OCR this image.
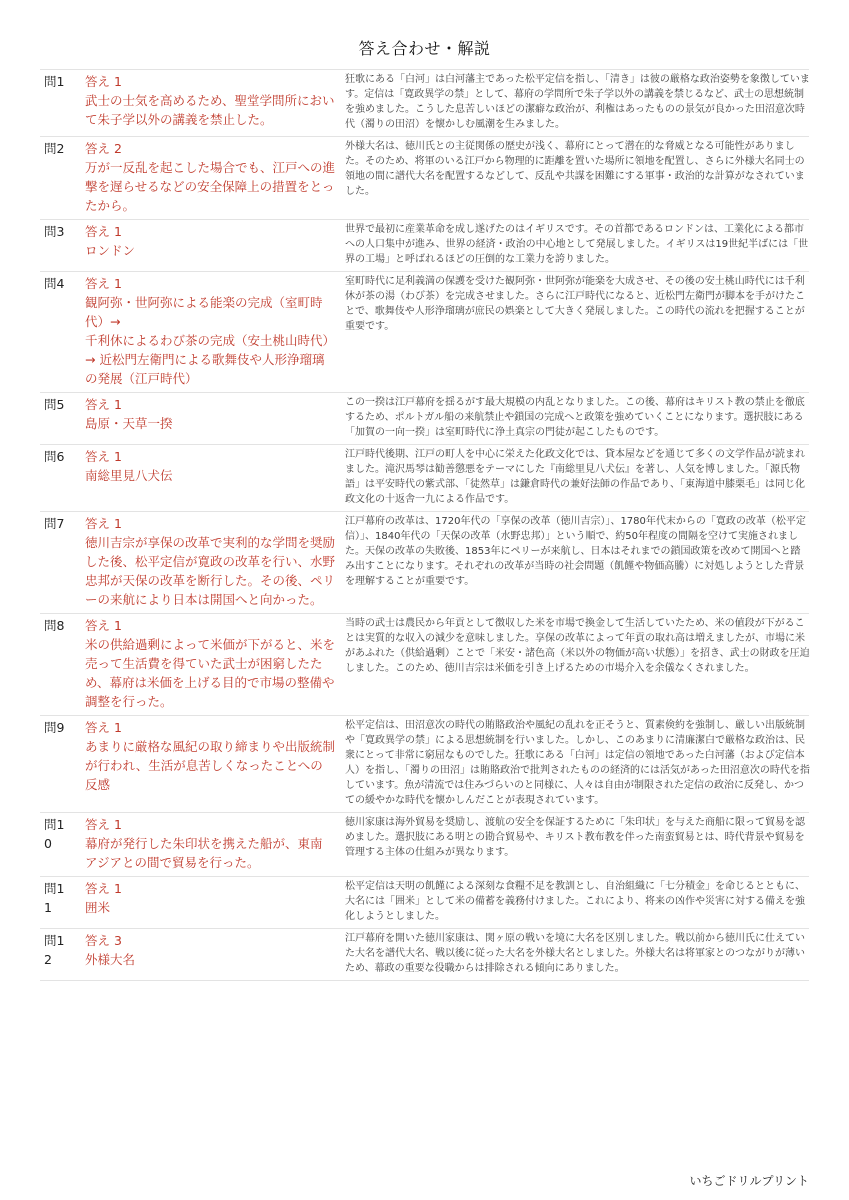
答え合わせ・解説
問1 答え 1
武士の士気を高めるため、聖堂学問所において朱子学以外の講義を禁止した。
狂歌にある「白河」は白河藩主であった松平定信を指し、「清き」は彼の厳格な政治姿勢を象徴しています。定信は「寛政異学の禁」として、幕府の学問所で朱子学以外の講義を禁じるなど、武士の思想統制を強めました。こうした息苦しいほどの潔癖な政治が、利権はあったものの景気が良かった田沼意次時代（濁りの田沼）を懐かしむ風潮を生みました。
問2 答え 2
万が一反乱を起こした場合でも、江戸への進撃を遅らせるなどの安全保障上の措置をとったから。
外様大名は、徳川氏との主従関係の歴史が浅く、幕府にとって潜在的な脅威となる可能性がありました。そのため、将軍のいる江戸から物理的に距離を置いた場所に領地を配置し、さらに外様大名同士の領地の間に譜代大名を配置するなどして、反乱や共謀を困難にする軍事・政治的な計算がなされていました。
問3 答え 1
ロンドン
世界で最初に産業革命を成し遂げたのはイギリスです。その首都であるロンドンは、工業化による都市への人口集中が進み、世界の経済・政治の中心地として発展しました。イギリスは19世紀半ばには「世界の工場」と呼ばれるほどの圧倒的な工業力を誇りました。
問4 答え 1
観阿弥・世阿弥による能楽の完成（室町時代）→
千利休によるわび茶の完成（安土桃山時代）→ 近松門左衛門による歌舞伎や人形浄瑠璃の発展（江戸時代）
室町時代に足利義満の保護を受けた観阿弥・世阿弥が能楽を大成させ、その後の安土桃山時代には千利休が茶の湯（わび茶）を完成させました。さらに江戸時代になると、近松門左衛門が脚本を手がけたことで、歌舞伎や人形浄瑠璃が庶民の娯楽として大きく発展しました。この時代の流れを把握することが重要です。
問5 答え 1
島原・天草一揆
この一揆は江戸幕府を揺るがす最大規模の内乱となりました。この後、幕府はキリスト教の禁止を徹底するため、ポルトガル船の来航禁止や鎖国の完成へと政策を強めていくことになります。選択肢にある「加賀の一向一揆」は室町時代に浄土真宗の門徒が起こしたものです。
問6 答え 1
南総里見八犬伝
江戸時代後期、江戸の町人を中心に栄えた化政文化では、貸本屋などを通じて多くの文学作品が読まれました。滝沢馬琴は勧善懲悪をテーマにした『南総里見八犬伝』を著し、人気を博しました。「源氏物語」は平安時代の紫式部、「徒然草」は鎌倉時代の兼好法師の作品であり、「東海道中膝栗毛」は同じ化政文化の十返舎一九による作品です。
問7 答え 1
徳川吉宗が享保の改革で実利的な学問を奨励した後、松平定信が寛政の改革を行い、水野忠邦が天保の改革を断行した。その後、ペリーの来航により日本は開国へと向かった。
江戸幕府の改革は、1720年代の「享保の改革（徳川吉宗）」、1780年代末からの「寛政の改革（松平定信）」、1840年代の「天保の改革（水野忠邦）」という順で、約50年程度の間隔を空けて実施されました。天保の改革の失敗後、1853年にペリーが来航し、日本はそれまでの鎖国政策を改めて開国へと踏み出すことになります。それぞれの改革が当時の社会問題（飢饉や物価高騰）に対処しようとした背景を理解することが重要です。
問8 答え 1
米の供給過剰によって米価が下がると、米を売って生活費を得ていた武士が困窮したため、幕府は米価を上げる目的で市場の整備や調整を行った。
当時の武士は農民から年貢として徴収した米を市場で換金して生活していたため、米の値段が下がることは実質的な収入の減少を意味しました。享保の改革によって年貢の取れ高は増えましたが、市場に米があふれた（供給過剰）ことで「米安・諸色高（米以外の物価が高い状態）」を招き、武士の財政を圧迫しました。このため、徳川吉宗は米価を引き上げるための市場介入を余儀なくされました。
問9 答え 1
あまりに厳格な風紀の取り締まりや出版統制が行われ、生活が息苦しくなったことへの反感
松平定信は、田沼意次の時代の賄賂政治や風紀の乱れを正そうと、質素倹約を強制し、厳しい出版統制や「寛政異学の禁」による思想統制を行いました。しかし、このあまりに清廉潔白で厳格な政治は、民衆にとって非常に窮屈なものでした。狂歌にある「白河」は定信の領地であった白河藩（および定信本人）を指し、「濁りの田沼」は賄賂政治で批判されたものの経済的には活気があった田沼意次の時代を指しています。魚が清流では住みづらいのと同様に、人々は自由が制限された定信の政治に反発し、かつての緩やかな時代を懐かしんだことが表現されています。
問10
答え 1
幕府が発行した朱印状を携えた船が、東南アジアとの間で貿易を行った。
徳川家康は海外貿易を奨励し、渡航の安全を保証するために「朱印状」を与えた商船に限って貿易を認めました。選択肢にある明との勘合貿易や、キリスト教布教を伴った南蛮貿易とは、時代背景や貿易を管理する主体の仕組みが異なります。
問11
答え 1
囲米
松平定信は天明の飢饉による深刻な食糧不足を教訓とし、自治組織に「七分積金」を命じるとともに、大名には「囲米」として米の備蓄を義務付けました。これにより、将来の凶作や災害に対する備えを強化しようとしました。
問12
答え 3
外様大名
江戸幕府を開いた徳川家康は、関ヶ原の戦いを境に大名を区別しました。戦以前から徳川氏に仕えていた大名を譜代大名、戦以後に従った大名を外様大名としました。外様大名は将軍家とのつながりが薄いため、幕政の重要な役職からは排除される傾向にありました。
いちごドリルプリント
